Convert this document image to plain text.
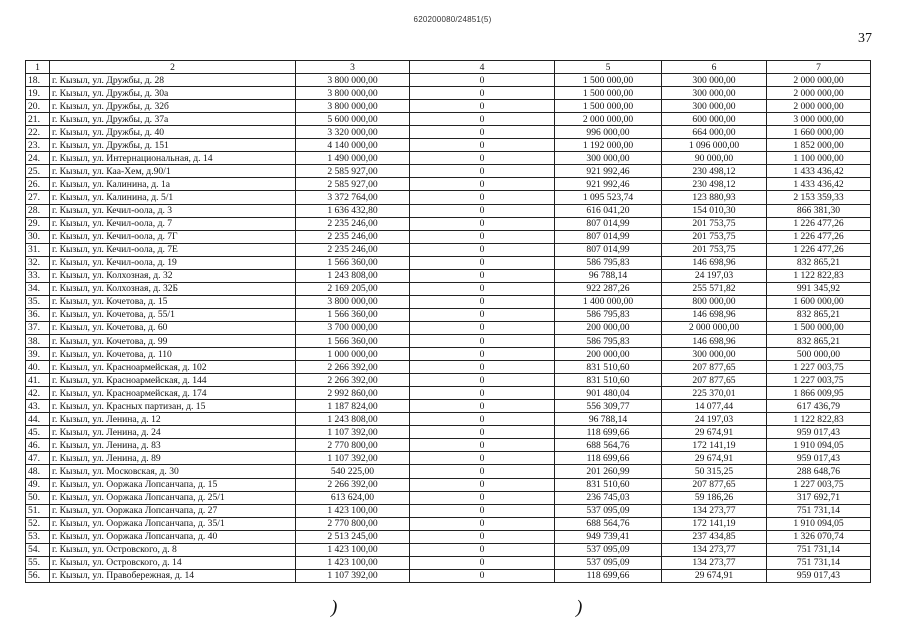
620200080/24851(5)
37
1	2	3	4	5	6	7
18.	г. Кызыл, ул. Дружбы, д. 28	3 800 000,00	0	1 500 000,00	300 000,00	2 000 000,00
19.	г. Кызыл, ул. Дружбы, д. 30а	3 800 000,00	0	1 500 000,00	300 000,00	2 000 000,00
20.	г. Кызыл, ул. Дружбы, д. 32б	3 800 000,00	0	1 500 000,00	300 000,00	2 000 000,00
21.	г. Кызыл, ул. Дружбы, д. 37а	5 600 000,00	0	2 000 000,00	600 000,00	3 000 000,00
22.	г. Кызыл, ул. Дружбы, д. 40	3 320 000,00	0	996 000,00	664 000,00	1 660 000,00
23.	г. Кызыл, ул. Дружбы, д. 151	4 140 000,00	0	1 192 000,00	1 096 000,00	1 852 000,00
24.	г. Кызыл, ул. Интернациональная, д. 14	1 490 000,00	0	300 000,00	90 000,00	1 100 000,00
25.	г. Кызыл, ул. Каа-Хем, д.90/1	2 585 927,00	0	921 992,46	230 498,12	1 433 436,42
26.	г. Кызыл, ул. Калинина, д. 1а	2 585 927,00	0	921 992,46	230 498,12	1 433 436,42
27.	г. Кызыл, ул. Калинина, д. 5/1	3 372 764,00	0	1 095 523,74	123 880,93	2 153 359,33
28.	г. Кызыл, ул. Кечил-оола, д. 3	1 636 432,80	0	616 041,20	154 010,30	866 381,30
29.	г. Кызыл, ул. Кечил-оола, д. 7	2 235 246,00	0	807 014,99	201 753,75	1 226 477,26
30.	г. Кызыл, ул. Кечил-оола, д. 7Г	2 235 246,00	0	807 014,99	201 753,75	1 226 477,26
31.	г. Кызыл, ул. Кечил-оола, д. 7Е	2 235 246,00	0	807 014,99	201 753,75	1 226 477,26
32.	г. Кызыл, ул. Кечил-оола, д. 19	1 566 360,00	0	586 795,83	146 698,96	832 865,21
33.	г. Кызыл, ул. Колхозная, д. 32	1 243 808,00	0	96 788,14	24 197,03	1 122 822,83
34.	г. Кызыл, ул. Колхозная, д. 32Б	2 169 205,00	0	922 287,26	255 571,82	991 345,92
35.	г. Кызыл, ул. Кочетова, д. 15	3 800 000,00	0	1 400 000,00	800 000,00	1 600 000,00
36.	г. Кызыл, ул. Кочетова, д. 55/1	1 566 360,00	0	586 795,83	146 698,96	832 865,21
37.	г. Кызыл, ул. Кочетова, д. 60	3 700 000,00	0	200 000,00	2 000 000,00	1 500 000,00
38.	г. Кызыл, ул. Кочетова, д. 99	1 566 360,00	0	586 795,83	146 698,96	832 865,21
39.	г. Кызыл, ул. Кочетова, д. 110	1 000 000,00	0	200 000,00	300 000,00	500 000,00
40.	г. Кызыл, ул. Красноармейская, д. 102	2 266 392,00	0	831 510,60	207 877,65	1 227 003,75
41.	г. Кызыл, ул. Красноармейская, д. 144	2 266 392,00	0	831 510,60	207 877,65	1 227 003,75
42.	г. Кызыл, ул. Красноармейская, д. 174	2 992 860,00	0	901 480,04	225 370,01	1 866 009,95
43.	г. Кызыл, ул. Красных партизан, д. 15	1 187 824,00	0	556 309,77	14 077,44	617 436,79
44.	г. Кызыл, ул. Ленина, д. 12	1 243 808,00	0	96 788,14	24 197,03	1 122 822,83
45.	г. Кызыл, ул. Ленина, д. 24	1 107 392,00	0	118 699,66	29 674,91	959 017,43
46.	г. Кызыл, ул. Ленина, д. 83	2 770 800,00	0	688 564,76	172 141,19	1 910 094,05
47.	г. Кызыл, ул. Ленина, д. 89	1 107 392,00	0	118 699,66	29 674,91	959 017,43
48.	г. Кызыл, ул. Московская, д. 30	540 225,00	0	201 260,99	50 315,25	288 648,76
49.	г. Кызыл, ул. Ооржака Лопсанчапа, д. 15	2 266 392,00	0	831 510,60	207 877,65	1 227 003,75
50.	г. Кызыл, ул. Ооржака Лопсанчапа, д. 25/1	613 624,00	0	236 745,03	59 186,26	317 692,71
51.	г. Кызыл, ул. Ооржака Лопсанчапа, д. 27	1 423 100,00	0	537 095,09	134 273,77	751 731,14
52.	г. Кызыл, ул. Ооржака Лопсанчапа, д. 35/1	2 770 800,00	0	688 564,76	172 141,19	1 910 094,05
53.	г. Кызыл, ул. Ооржака Лопсанчапа, д. 40	2 513 245,00	0	949 739,41	237 434,85	1 326 070,74
54.	г. Кызыл, ул. Островского, д. 8	1 423 100,00	0	537 095,09	134 273,77	751 731,14
55.	г. Кызыл, ул. Островского, д. 14	1 423 100,00	0	537 095,09	134 273,77	751 731,14
56.	г. Кызыл, ул. Правобережная, д. 14	1 107 392,00	0	118 699,66	29 674,91	959 017,43
)	)
